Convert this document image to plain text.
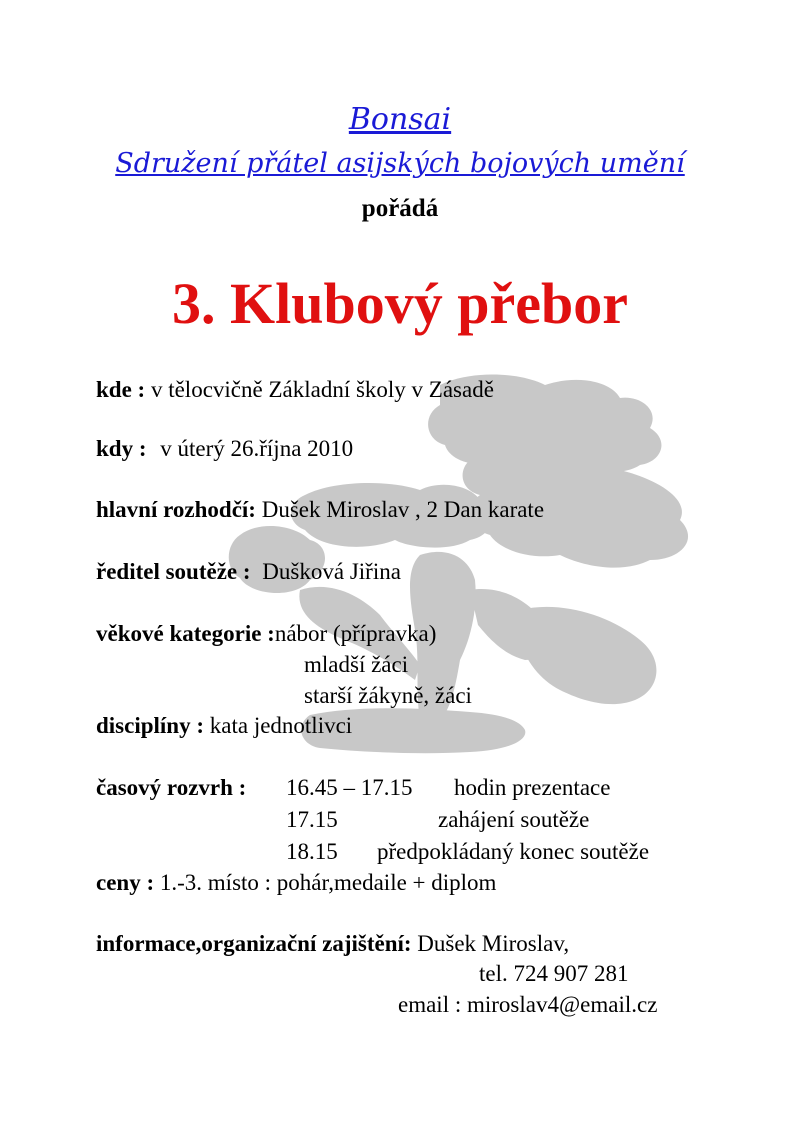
Bonsai
Sdružení přátel asijských bojových umění
pořádá
3. Klubový přebor
kde : v tělocvičně Základní školy v Zásadě
kdy : v úterý 26.října 2010
hlavní rozhodčí: Dušek Miroslav , 2 Dan karate
ředitel soutěže : Dušková Jiřina
věkové kategorie :nábor (přípravka)
mladší žáci
starší žákyně, žáci
disciplíny : kata jednotlivci
časový rozvrh : 16.45 – 17.15 hodin prezentace
17.15	zahájení soutěže
18.15 předpokládaný konec soutěže
ceny : 1.-3. místo : pohár,medaile + diplom
informace,organizační zajištění: Dušek Miroslav,
tel. 724 907 281
email : miroslav4@email.cz
